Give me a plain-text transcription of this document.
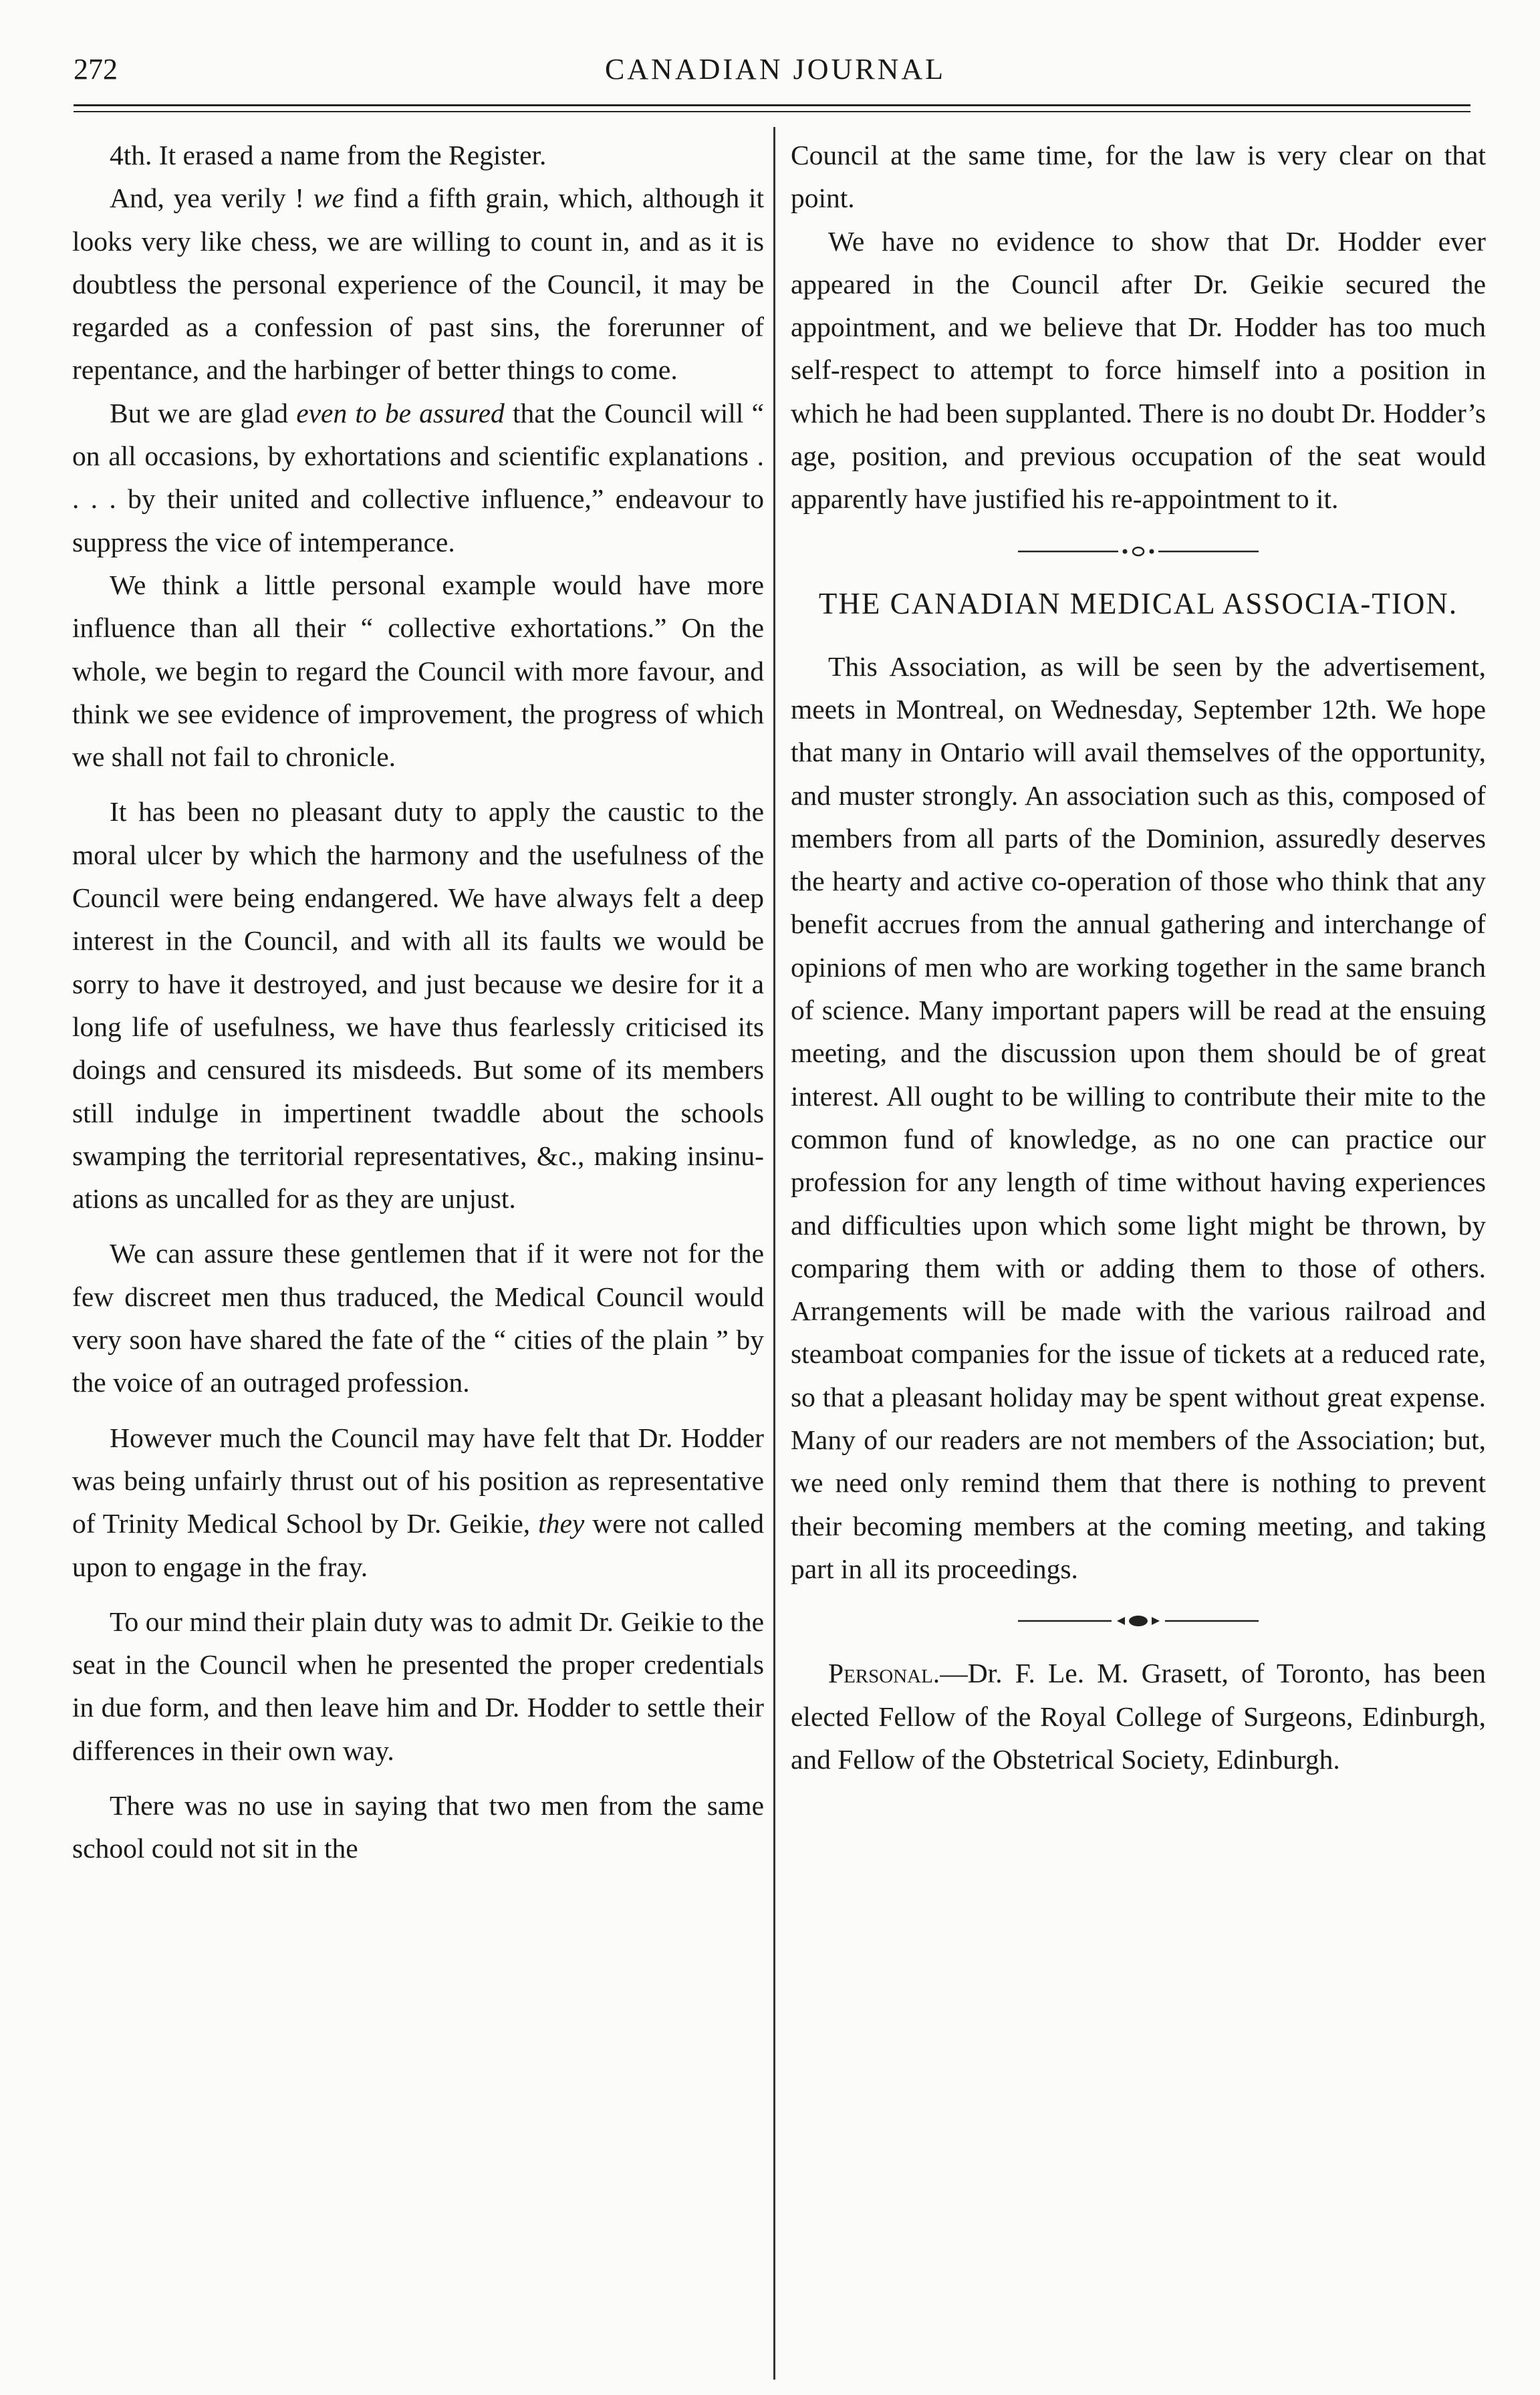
272	CANADIAN JOURNAL

4th. It erased a name from the Register.

And, yea verily ! we find a fifth grain, which, although it looks very like chess, we are willing to count in, and as it is doubtless the personal experience of the Council, it may be regarded as a confession of past sins, the forerunner of repentance, and the harbinger of better things to come.

But we are glad even to be assured that the Council will “ on all occasions, by exhortations and scientific explanations . . . . by their united and collective influence,” endeavour to suppress the vice of intemperance.

We think a little personal example would have more influence than all their “ collective exhortations.” On the whole, we begin to regard the Council with more favour, and think we see evidence of improvement, the progress of which we shall not fail to chronicle.

It has been no pleasant duty to apply the caustic to the moral ulcer by which the harmony and the usefulness of the Council were being endangered. We have always felt a deep interest in the Council, and with all its faults we would be sorry to have it destroyed, and just because we desire for it a long life of usefulness, we have thus fearlessly criticised its doings and censured its misdeeds. But some of its members still indulge in impertinent twaddle about the schools swamping the territorial representatives, &c., making insinuations as uncalled for as they are unjust.

We can assure these gentlemen that if it were not for the few discreet men thus traduced, the Medical Council would very soon have shared the fate of the “ cities of the plain ” by the voice of an outraged profession.

However much the Council may have felt that Dr. Hodder was being unfairly thrust out of his position as representative of Trinity Medical School by Dr. Geikie, they were not called upon to engage in the fray.

To our mind their plain duty was to admit Dr. Geikie to the seat in the Council when he presented the proper credentials in due form, and then leave him and Dr. Hodder to settle their differences in their own way.

There was no use in saying that two men from the same school could not sit in the

Council at the same time, for the law is very clear on that point.

We have no evidence to show that Dr. Hodder ever appeared in the Council after Dr. Geikie secured the appointment, and we believe that Dr. Hodder has too much self-respect to attempt to force himself into a position in which he had been supplanted. There is no doubt Dr. Hodder’s age, position, and previous occupation of the seat would apparently have justified his re-appointment to it.

THE CANADIAN MEDICAL ASSOCIA-TION.

This Association, as will be seen by the advertisement, meets in Montreal, on Wednesday, September 12th. We hope that many in Ontario will avail themselves of the opportunity, and muster strongly. An association such as this, composed of members from all parts of the Dominion, assuredly deserves the hearty and active co-operation of those who think that any benefit accrues from the annual gathering and interchange of opinions of men who are working together in the same branch of science. Many important papers will be read at the ensuing meeting, and the discussion upon them should be of great interest. All ought to be willing to contribute their mite to the common fund of knowledge, as no one can practice our profession for any length of time without having experiences and difficulties upon which some light might be thrown, by comparing them with or adding them to those of others. Arrangements will be made with the various railroad and steamboat companies for the issue of tickets at a reduced rate, so that a pleasant holiday may be spent without great expense. Many of our readers are not members of the Association; but, we need only remind them that there is nothing to prevent their becoming members at the coming meeting, and taking part in all its proceedings.

Personal.—Dr. F. Le. M. Grasett, of Toronto, has been elected Fellow of the Royal College of Surgeons, Edinburgh, and Fellow of the Obstetrical Society, Edinburgh.
